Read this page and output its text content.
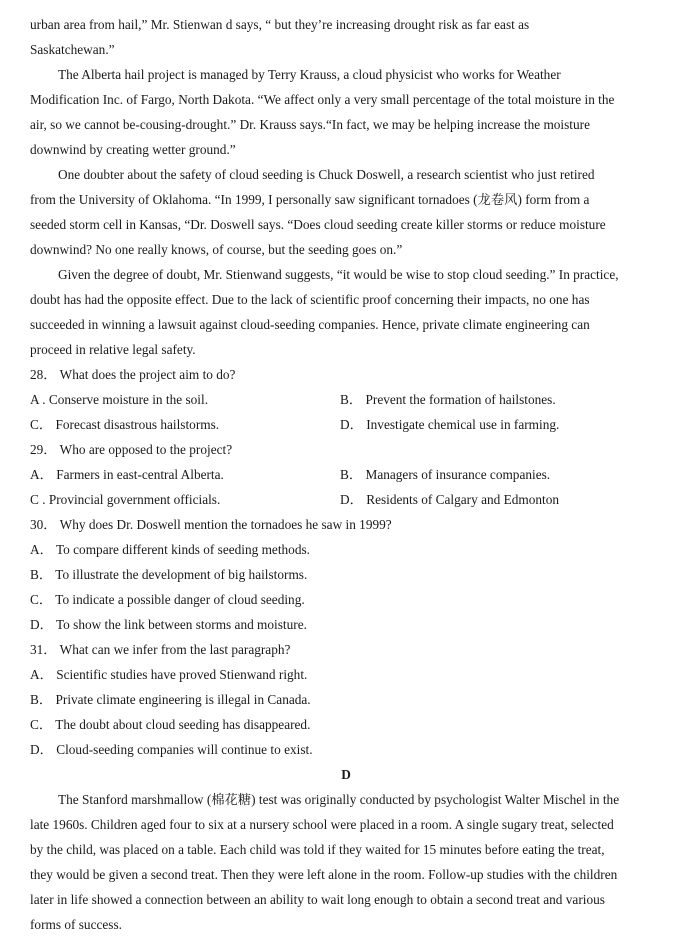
urban area from hail,” Mr. Stienwan d says, “ but they’re increasing drought risk as far east as
Saskatchewan.”
The Alberta hail project is managed by Terry Krauss, a cloud physicist who works for Weather
Modification Inc. of Fargo, North Dakota. “We affect only a very small percentage of the total moisture in the
air, so we cannot be-cousing-drought.” Dr. Krauss says.“In fact, we may be helping increase the moisture
downwind by creating wetter ground.”
One doubter about the safety of cloud seeding is Chuck Doswell, a research scientist who just retired
from the University of Oklahoma. “In 1999, I personally saw significant tornadoes (龙卷风) form from a
seeded storm cell in Kansas, “Dr. Doswell says. “Does cloud seeding create killer storms or reduce moisture
downwind? No one really knows, of course, but the seeding goes on.”
Given the degree of doubt, Mr. Stienwand suggests, “it would be wise to stop cloud seeding.” In practice,
doubt has had the opposite effect. Due to the lack of scientific proof concerning their impacts, no one has
succeeded in winning a lawsuit against cloud-seeding companies. Hence, private climate engineering can
proceed in relative legal safety.
28． What does the project aim to do?
A . Conserve moisture in the soil.	B． Prevent the formation of hailstones.
C． Forecast disastrous hailstorms.	D． Investigate chemical use in farming.
29． Who are opposed to the project?
A． Farmers in east-central Alberta.	B． Managers of insurance companies.
C . Provincial government officials.	D． Residents of Calgary and Edmonton
30． Why does Dr. Doswell mention the tornadoes he saw in 1999?
A． To compare different kinds of seeding methods.
B． To illustrate the development of big hailstorms.
C． To indicate a possible danger of cloud seeding.
D． To show the link between storms and moisture.
31． What can we infer from the last paragraph?
A． Scientific studies have proved Stienwand right.
B． Private climate engineering is illegal in Canada.
C． The doubt about cloud seeding has disappeared.
D． Cloud-seeding companies will continue to exist.
D
The Stanford marshmallow (棉花糖) test was originally conducted by psychologist Walter Mischel in the
late 1960s. Children aged four to six at a nursery school were placed in a room. A single sugary treat, selected
by the child, was placed on a table. Each child was told if they waited for 15 minutes before eating the treat,
they would be given a second treat. Then they were left alone in the room. Follow-up studies with the children
later in life showed a connection between an ability to wait long enough to obtain a second treat and various
forms of success.
